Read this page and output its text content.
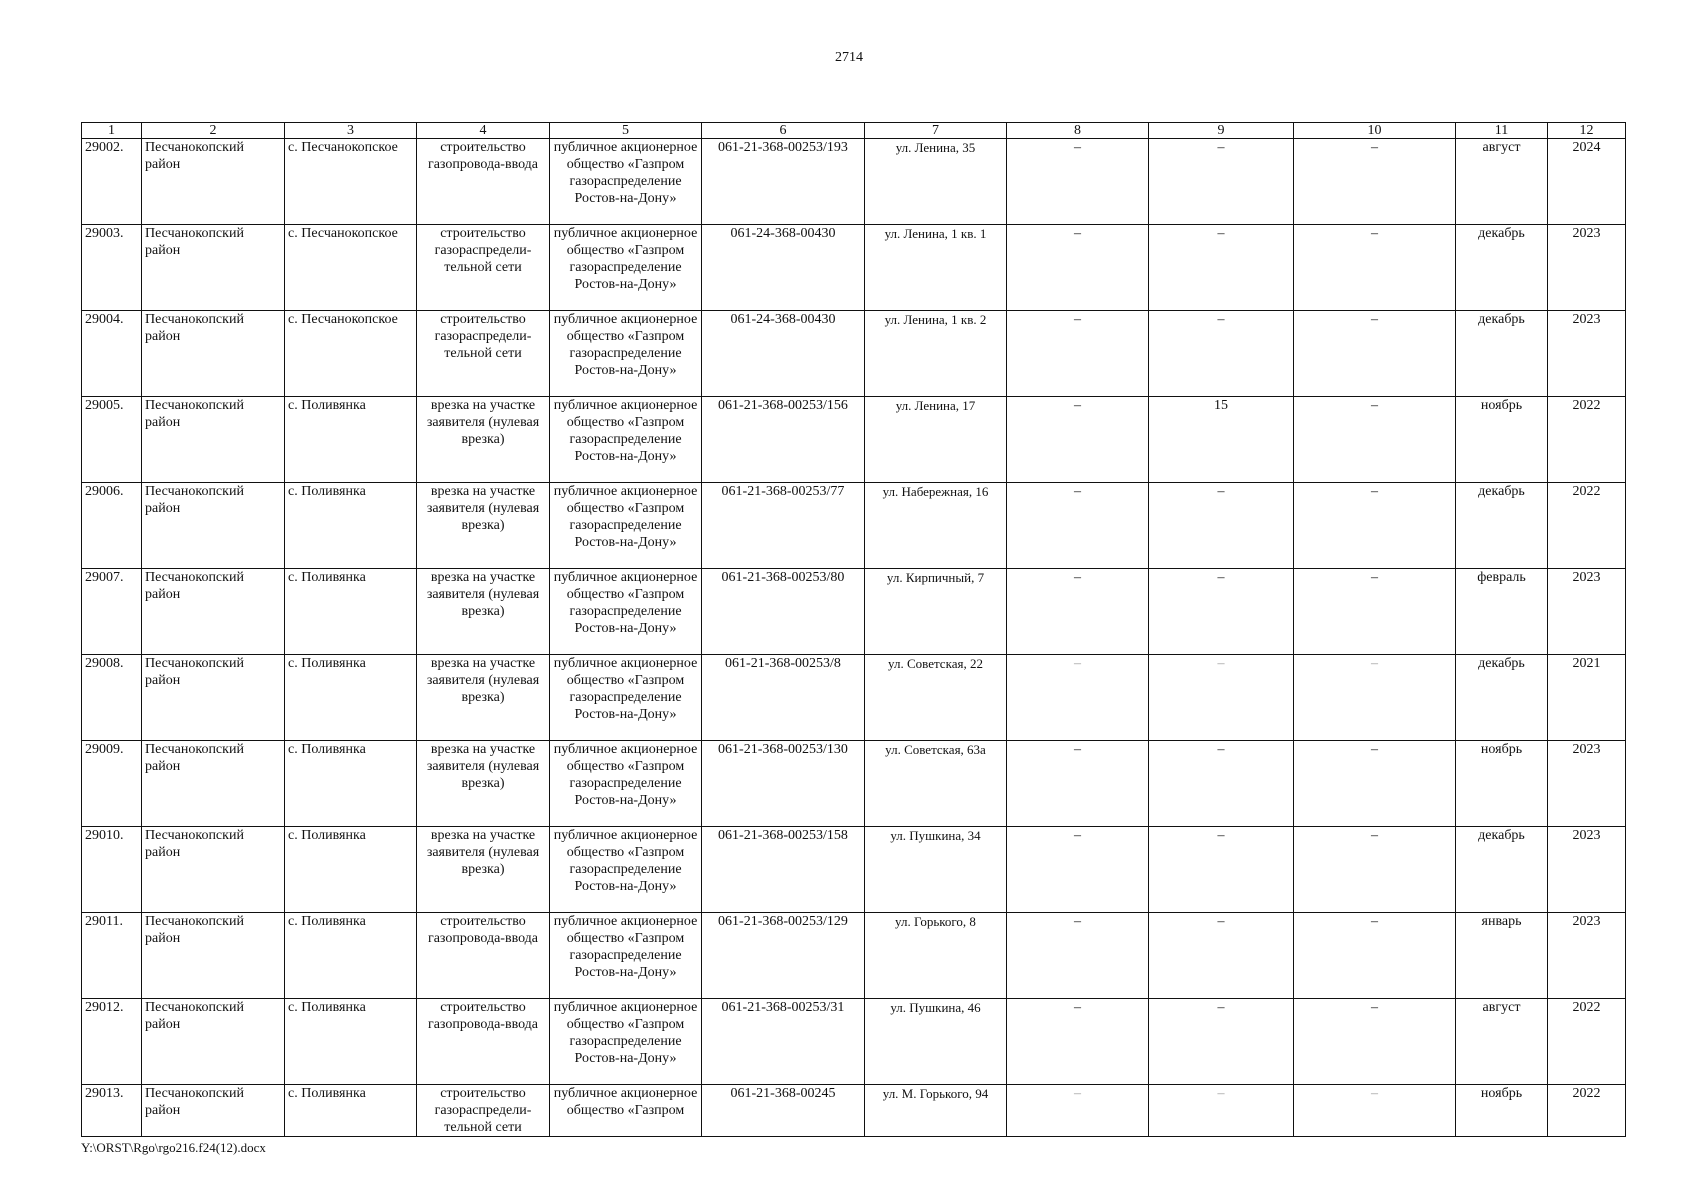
2714
1	2	3	4	5	6	7	8	9	10	11	12
29002.	Песчанокопский район	с. Песчанокопское	строительство газопровода-ввода	публичное акционерное общество «Газпром газораспределение Ростов-на-Дону»	061-21-368-00253/193	ул. Ленина, 35	–	–	–	август	2024
29003.	Песчанокопский район	с. Песчанокопское	строительство газораспредели-тельной сети	публичное акционерное общество «Газпром газораспределение Ростов-на-Дону»	061-24-368-00430	ул. Ленина, 1 кв. 1	–	–	–	декабрь	2023
29004.	Песчанокопский район	с. Песчанокопское	строительство газораспредели-тельной сети	публичное акционерное общество «Газпром газораспределение Ростов-на-Дону»	061-24-368-00430	ул. Ленина, 1 кв. 2	–	–	–	декабрь	2023
29005.	Песчанокопский район	с. Поливянка	врезка на участке заявителя (нулевая врезка)	публичное акционерное общество «Газпром газораспределение Ростов-на-Дону»	061-21-368-00253/156	ул. Ленина, 17	–	15	–	ноябрь	2022
29006.	Песчанокопский район	с. Поливянка	врезка на участке заявителя (нулевая врезка)	публичное акционерное общество «Газпром газораспределение Ростов-на-Дону»	061-21-368-00253/77	ул. Набережная, 16	–	–	–	декабрь	2022
29007.	Песчанокопский район	с. Поливянка	врезка на участке заявителя (нулевая врезка)	публичное акционерное общество «Газпром газораспределение Ростов-на-Дону»	061-21-368-00253/80	ул. Кирпичный, 7	–	–	–	февраль	2023
29008.	Песчанокопский район	с. Поливянка	врезка на участке заявителя (нулевая врезка)	публичное акционерное общество «Газпром газораспределение Ростов-на-Дону»	061-21-368-00253/8	ул. Советская, 22	–	–	–	декабрь	2021
29009.	Песчанокопский район	с. Поливянка	врезка на участке заявителя (нулевая врезка)	публичное акционерное общество «Газпром газораспределение Ростов-на-Дону»	061-21-368-00253/130	ул. Советская, 63а	–	–	–	ноябрь	2023
29010.	Песчанокопский район	с. Поливянка	врезка на участке заявителя (нулевая врезка)	публичное акционерное общество «Газпром газораспределение Ростов-на-Дону»	061-21-368-00253/158	ул. Пушкина, 34	–	–	–	декабрь	2023
29011.	Песчанокопский район	с. Поливянка	строительство газопровода-ввода	публичное акционерное общество «Газпром газораспределение Ростов-на-Дону»	061-21-368-00253/129	ул. Горького, 8	–	–	–	январь	2023
29012.	Песчанокопский район	с. Поливянка	строительство газопровода-ввода	публичное акционерное общество «Газпром газораспределение Ростов-на-Дону»	061-21-368-00253/31	ул. Пушкина, 46	–	–	–	август	2022
29013.	Песчанокопский район	с. Поливянка	строительство газораспредели-тельной сети	публичное акционерное общество «Газпром	061-21-368-00245	ул. М. Горького, 94	–	–	–	ноябрь	2022
Y:\ORST\Rgo\rgo216.f24(12).docx
